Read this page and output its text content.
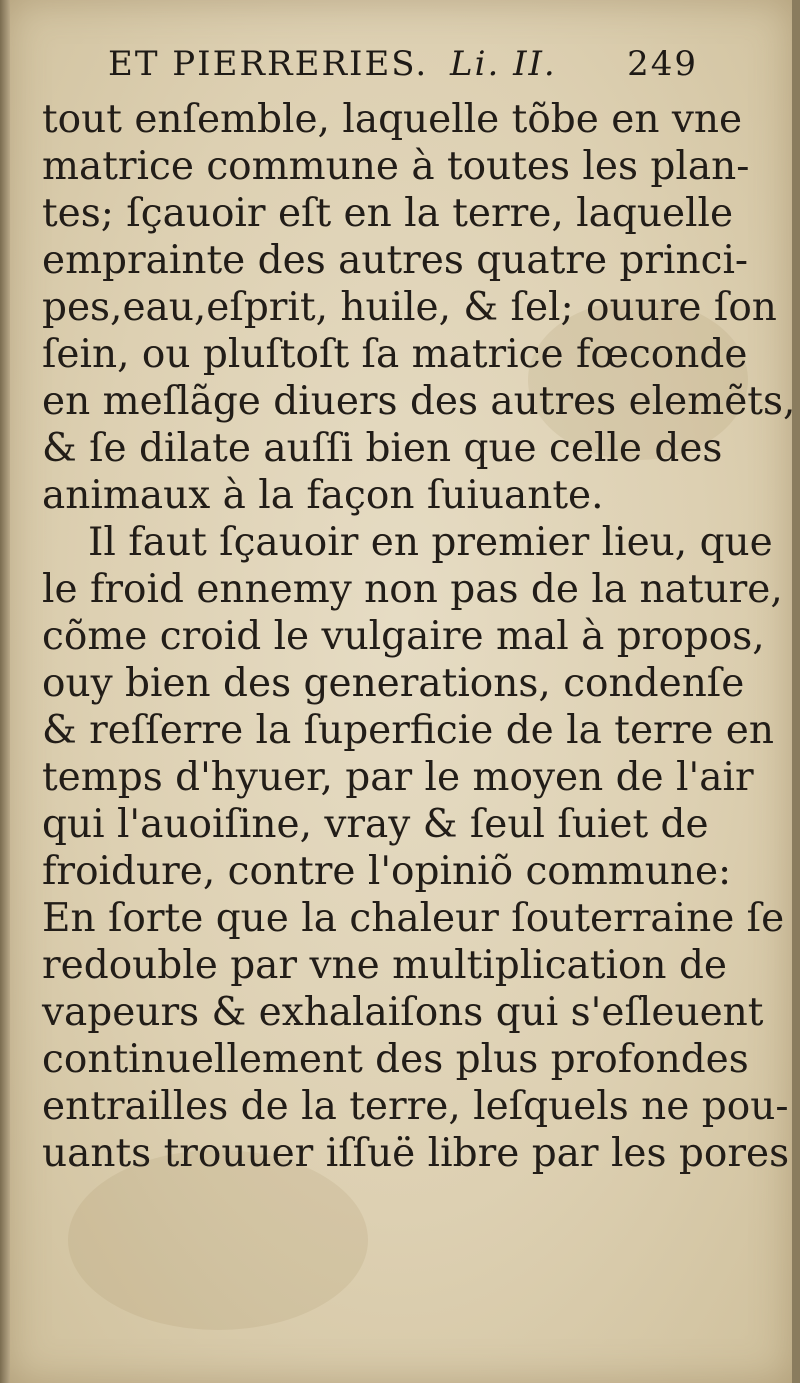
ET PIERRERIES. Li. II. 249
tout enſemble, laquelle tõbe en vne
matrice commune à toutes les plan-
tes; ſçauoir eſt en la terre, laquelle
emprainte des autres quatre princi-
pes,eau,eſprit, huile, & ſel; ouure ſon
ſein, ou pluſtoſt ſa matrice fœconde
en meſlãge diuers des autres elemẽts,
& ſe dilate auſſi bien que celle des
animaux à la façon ſuiuante.
Il faut ſçauoir en premier lieu, que
le froid ennemy non pas de la nature,
cõme croid le vulgaire mal à propos,
ouy bien des generations, condenſe
& reſſerre la ſuperficie de la terre en
temps d'hyuer, par le moyen de l'air
qui l'auoiſine, vray & ſeul ſuiet de
froidure, contre l'opiniõ commune:
En ſorte que la chaleur ſouterraine ſe
redouble par vne multiplication de
vapeurs & exhalaiſons qui s'eſleuent
continuellement des plus profondes
entrailles de la terre, leſquels ne pou-
uants trouuer iſſuë libre par les pores
